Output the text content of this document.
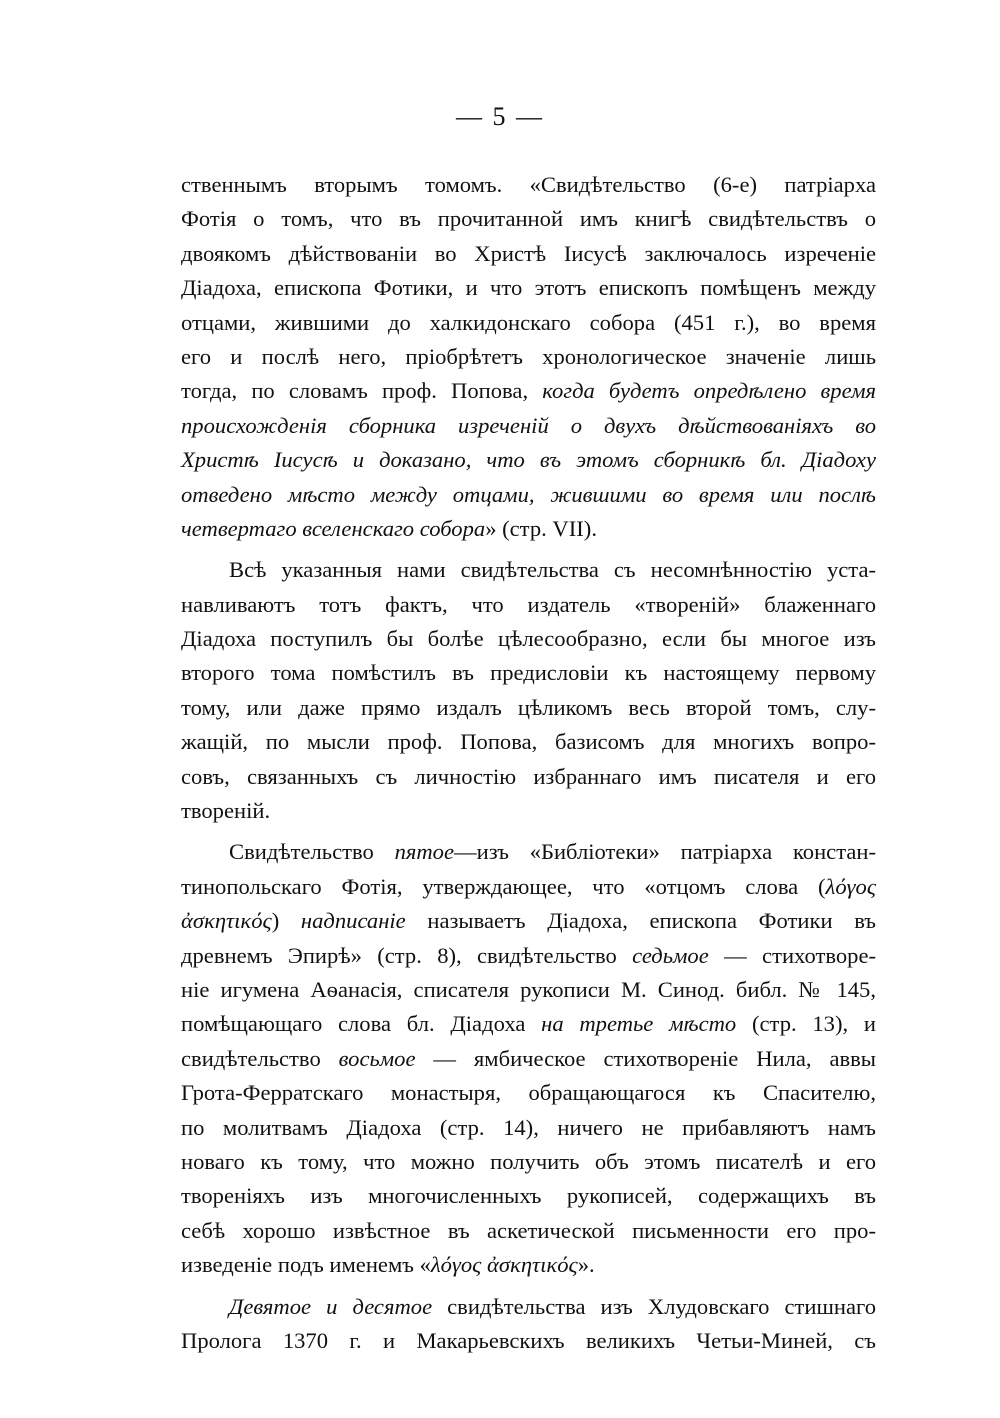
— 5 —
ственнымъ вторымъ томомъ. «Свидѣтельство (6-е) патріарха
Фотія о томъ, что въ прочитанной имъ книгѣ свидѣтельствъ о
двоякомъ дѣйствованіи во Христѣ Іисусѣ заключалось изреченіе
Діадоха, епископа Фотики, и что этотъ епископъ помѣщенъ между
отцами, жившими до халкидонскаго собора (451 г.), во время
его и послѣ него, пріобрѣтетъ хронологическое значеніе лишь
тогда, по словамъ проф. Попова, когда будетъ опредѣлено время
происхожденія сборника изреченій о двухъ дѣйствованіяхъ во
Христѣ Іисусѣ и доказано, что въ этомъ сборникѣ бл. Діадоху
отведено мѣсто между отцами, жившими во время или послѣ
четвертаго вселенскаго собора» (стр. VII).
Всѣ указанныя нами свидѣтельства съ несомнѣнностію уста-
навливаютъ тотъ фактъ, что издатель «твореній» блаженнаго
Діадоха поступилъ бы болѣе цѣлесообразно, если бы многое изъ
второго тома помѣстилъ въ предисловіи къ настоящему первому
тому, или даже прямо издалъ цѣликомъ весь второй томъ, слу-
жащій, по мысли проф. Попова, базисомъ для многихъ вопро-
совъ, связанныхъ съ личностію избраннаго имъ писателя и его
твореній.
Свидѣтельство пятое—изъ «Библіотеки» патріарха констан-
тинопольскаго Фотія, утверждающее, что «отцомъ слова (λόγος
ἀσκητικός) надписаніе называетъ Діадоха, епископа Фотики въ
древнемъ Эпирѣ» (стр. 8), свидѣтельство седьмое — стихотворе-
ніе игумена Аѳанасія, списателя рукописи М. Синод. библ. № 145,
помѣщающаго слова бл. Діадоха на третье мѣсто (стр. 13), и
свидѣтельство восьмое — ямбическое стихотвореніе Нила, аввы
Грота-Ферратскаго монастыря, обращающагося къ Спасителю,
по молитвамъ Діадоха (стр. 14), ничего не прибавляютъ намъ
новаго къ тому, что можно получить объ этомъ писателѣ и его
твореніяхъ изъ многочисленныхъ рукописей, содержащихъ въ
себѣ хорошо извѣстное въ аскетической письменности его про-
изведеніе подъ именемъ «λόγος ἀσκητικός».
Девятое и десятое свидѣтельства изъ Хлудовскаго стишнаго
Пролога 1370 г. и Макарьевскихъ великихъ Четьи-Миней, съ
